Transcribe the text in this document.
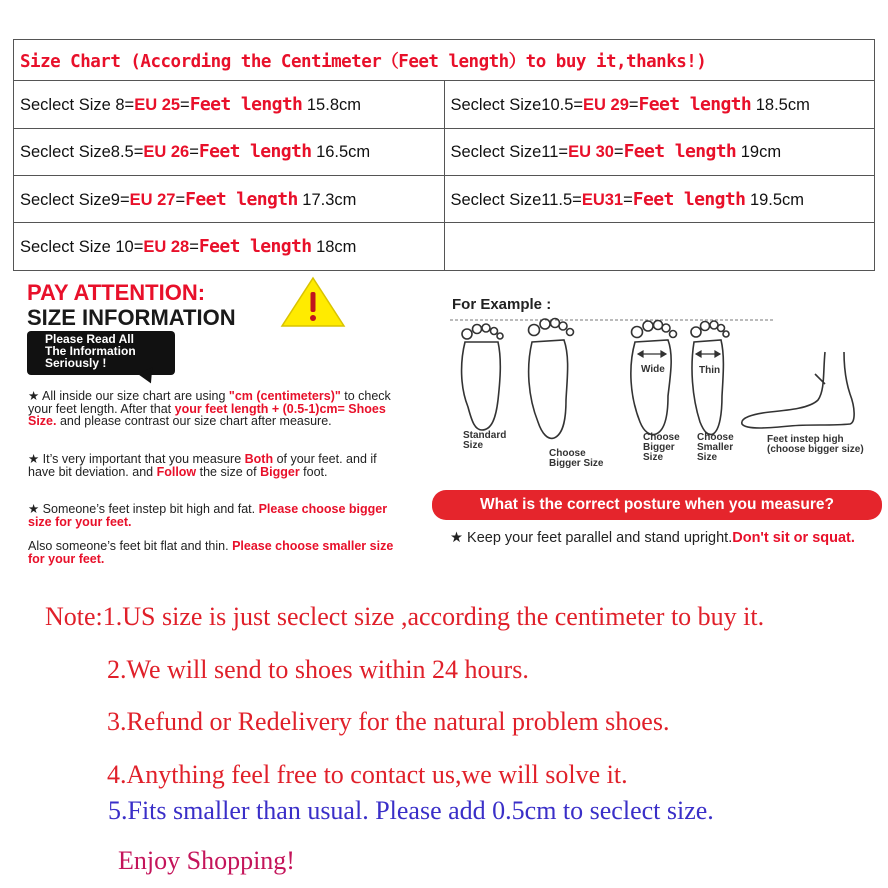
Size Chart (According the Centimeter（Feet length）to buy it,thanks!)	
Seclect Size 8=EU 25=Feet length 15.8cm	Seclect Size10.5=EU 29=Feet length 18.5cm
Seclect Size8.5=EU 26=Feet length 16.5cm	Seclect Size11=EU 30=Feet length 19cm
Seclect Size9=EU 27=Feet length 17.3cm	Seclect Size11.5=EU31=Feet length 19.5cm
Seclect Size 10=EU 28=Feet length 18cm	
PAY ATTENTION:
SIZE INFORMATION
Please Read All
The Information
Seriously !
★ All inside our size chart are using "cm (centimeters)" to check your feet length. After that your feet length + (0.5-1)cm= Shoes Size. and please contrast our size chart after measure.
★ It’s very important that you measure Both of your feet. and if have bit deviation. and Follow the size of Bigger foot.
★ Someone’s feet instep bit high and fat. Please choose bigger size for your feet.
Also someone’s feet bit flat and thin. Please choose smaller size for your feet.
For Example :
Standard
Size
Choose
Bigger Size
Wide	Thin
Choose
Bigger
Size
Choose
Smaller
Size
Feet instep high
(choose bigger size)
What is the correct posture when you measure?
★ Keep your feet parallel and stand upright.Don't sit or squat.
Note:1.US size is just seclect size ,according the centimeter to buy it.
2.We will send to shoes within 24 hours.
3.Refund or Redelivery for the natural problem shoes.
4.Anything feel free to contact us,we will solve it.
5.Fits smaller than usual. Please add 0.5cm to seclect size.
Enjoy Shopping!
